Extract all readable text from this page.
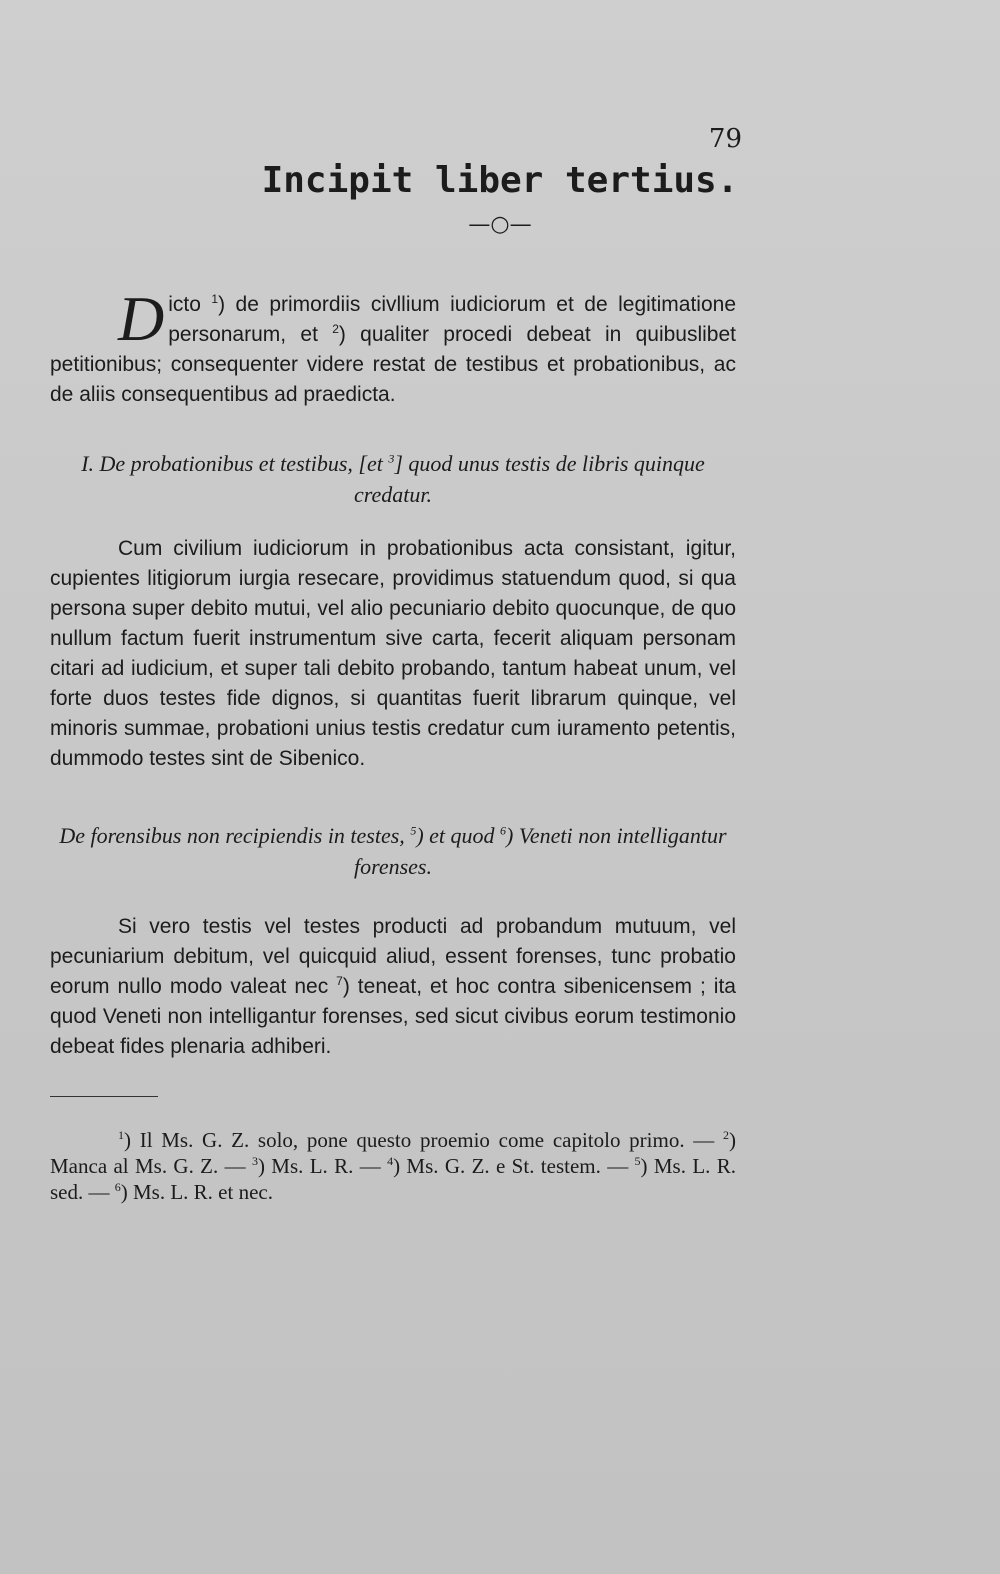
79
Incipit liber tertius.
—○—

Dicto $^1$) de primordiis civllium iudiciorum et de legitimatione personarum, et $^2$) qualiter procedi debeat in quibuslibet petitionibus; consequenter videre restat de testibus et probationibus, ac de aliis consequentibus ad praedicta.

I. De probationibus et testibus, [et $^3$] quod unus testis de libris quinque credatur.

Cum civilium iudiciorum in probationibus acta consistant, igitur, cupientes litigiorum iurgia resecare, providimus statuendum quod, si qua persona super debito mutui, vel alio pecuniario debito quocunque, de quo nullum factum fuerit instrumentum sive carta, fecerit aliquam personam citari ad iudicium, et super tali debito probando, tantum habeat unum, vel forte duos testes fide dignos, si quantitas fuerit librarum quinque, vel minoris summae, probationi unius testis credatur cum iuramento petentis, dummodo testes sint de Sibenico.

De forensibus non recipiendis in testes, $^5$) et quod $^6$) Veneti non intelligantur forenses.

Si vero testis vel testes producti ad probandum mutuum, vel pecuniarium debitum, vel quicquid aliud, essent forenses, tunc probatio eorum nullo modo valeat nec $^7$) teneat, et hoc contra sibenicensem ; ita quod Veneti non intelligantur forenses, sed sicut civibus eorum testimonio debeat fides plenaria adhiberi.

$^1$) Il Ms. G. Z. solo, pone questo proemio come capitolo primo. — $^2$) Manca al Ms. G. Z. — $^3$) Ms. L. R. — $^4$) Ms. G. Z. e St. testem. — $^5$) Ms. L. R. sed. — $^6$) Ms. L. R. et nec.
